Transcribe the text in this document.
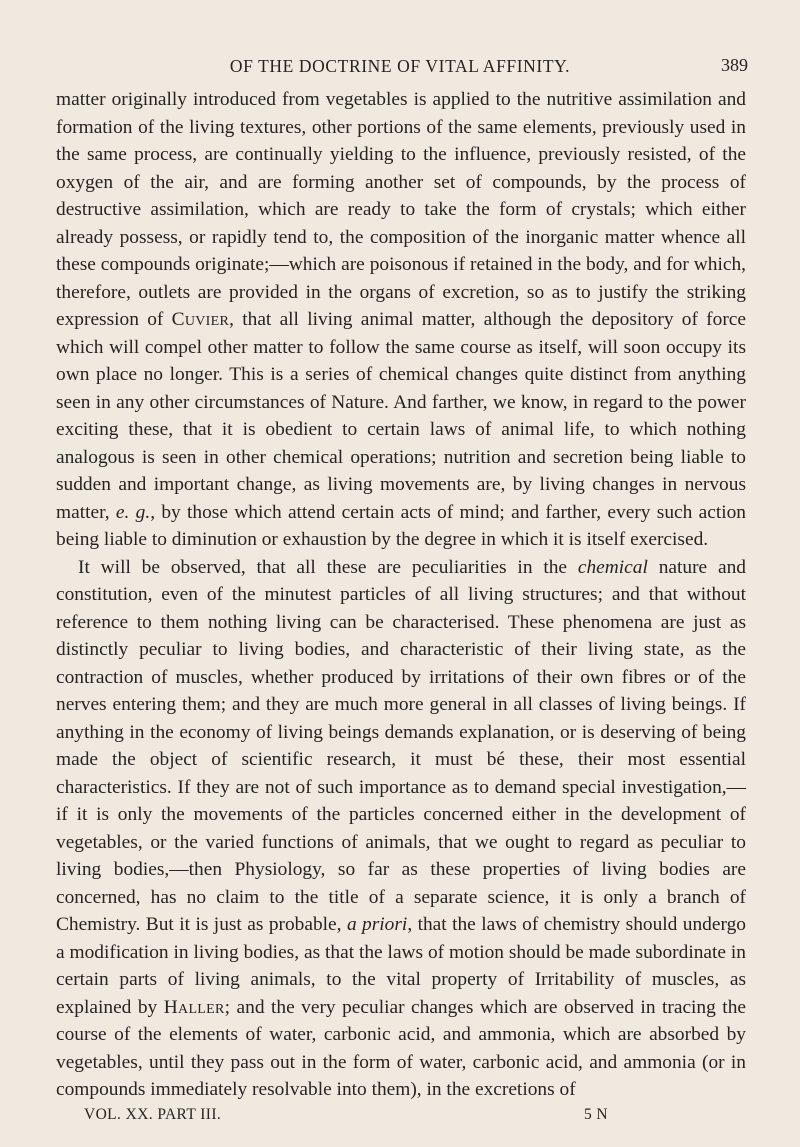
OF THE DOCTRINE OF VITAL AFFINITY.	389

matter originally introduced from vegetables is applied to the nutritive assimilation and formation of the living textures, other portions of the same elements, previously used in the same process, are continually yielding to the influence, previously resisted, of the oxygen of the air, and are forming another set of compounds, by the process of destructive assimilation, which are ready to take the form of crystals; which either already possess, or rapidly tend to, the composition of the inorganic matter whence all these compounds originate;—which are poisonous if retained in the body, and for which, therefore, outlets are provided in the organs of excretion, so as to justify the striking expression of Cuvier, that all living animal matter, although the depository of force which will compel other matter to follow the same course as itself, will soon occupy its own place no longer. This is a series of chemical changes quite distinct from anything seen in any other circumstances of Nature. And farther, we know, in regard to the power exciting these, that it is obedient to certain laws of animal life, to which nothing analogous is seen in other chemical operations; nutrition and secretion being liable to sudden and important change, as living movements are, by living changes in nervous matter, e. g., by those which attend certain acts of mind; and farther, every such action being liable to diminution or exhaustion by the degree in which it is itself exercised.

It will be observed, that all these are peculiarities in the chemical nature and constitution, even of the minutest particles of all living structures; and that without reference to them nothing living can be characterised. These phenomena are just as distinctly peculiar to living bodies, and characteristic of their living state, as the contraction of muscles, whether produced by irritations of their own fibres or of the nerves entering them; and they are much more general in all classes of living beings. If anything in the economy of living beings demands explanation, or is deserving of being made the object of scientific research, it must bé these, their most essential characteristics. If they are not of such importance as to demand special investigation,—if it is only the movements of the particles concerned either in the development of vegetables, or the varied functions of animals, that we ought to regard as peculiar to living bodies,—then Physiology, so far as these properties of living bodies are concerned, has no claim to the title of a separate science, it is only a branch of Chemistry. But it is just as probable, a priori, that the laws of chemistry should undergo a modification in living bodies, as that the laws of motion should be made subordinate in certain parts of living animals, to the vital property of Irritability of muscles, as explained by Haller; and the very peculiar changes which are observed in tracing the course of the elements of water, carbonic acid, and ammonia, which are absorbed by vegetables, until they pass out in the form of water, carbonic acid, and ammonia (or in compounds immediately resolvable into them), in the excretions of

VOL. XX. PART III.	5 N
